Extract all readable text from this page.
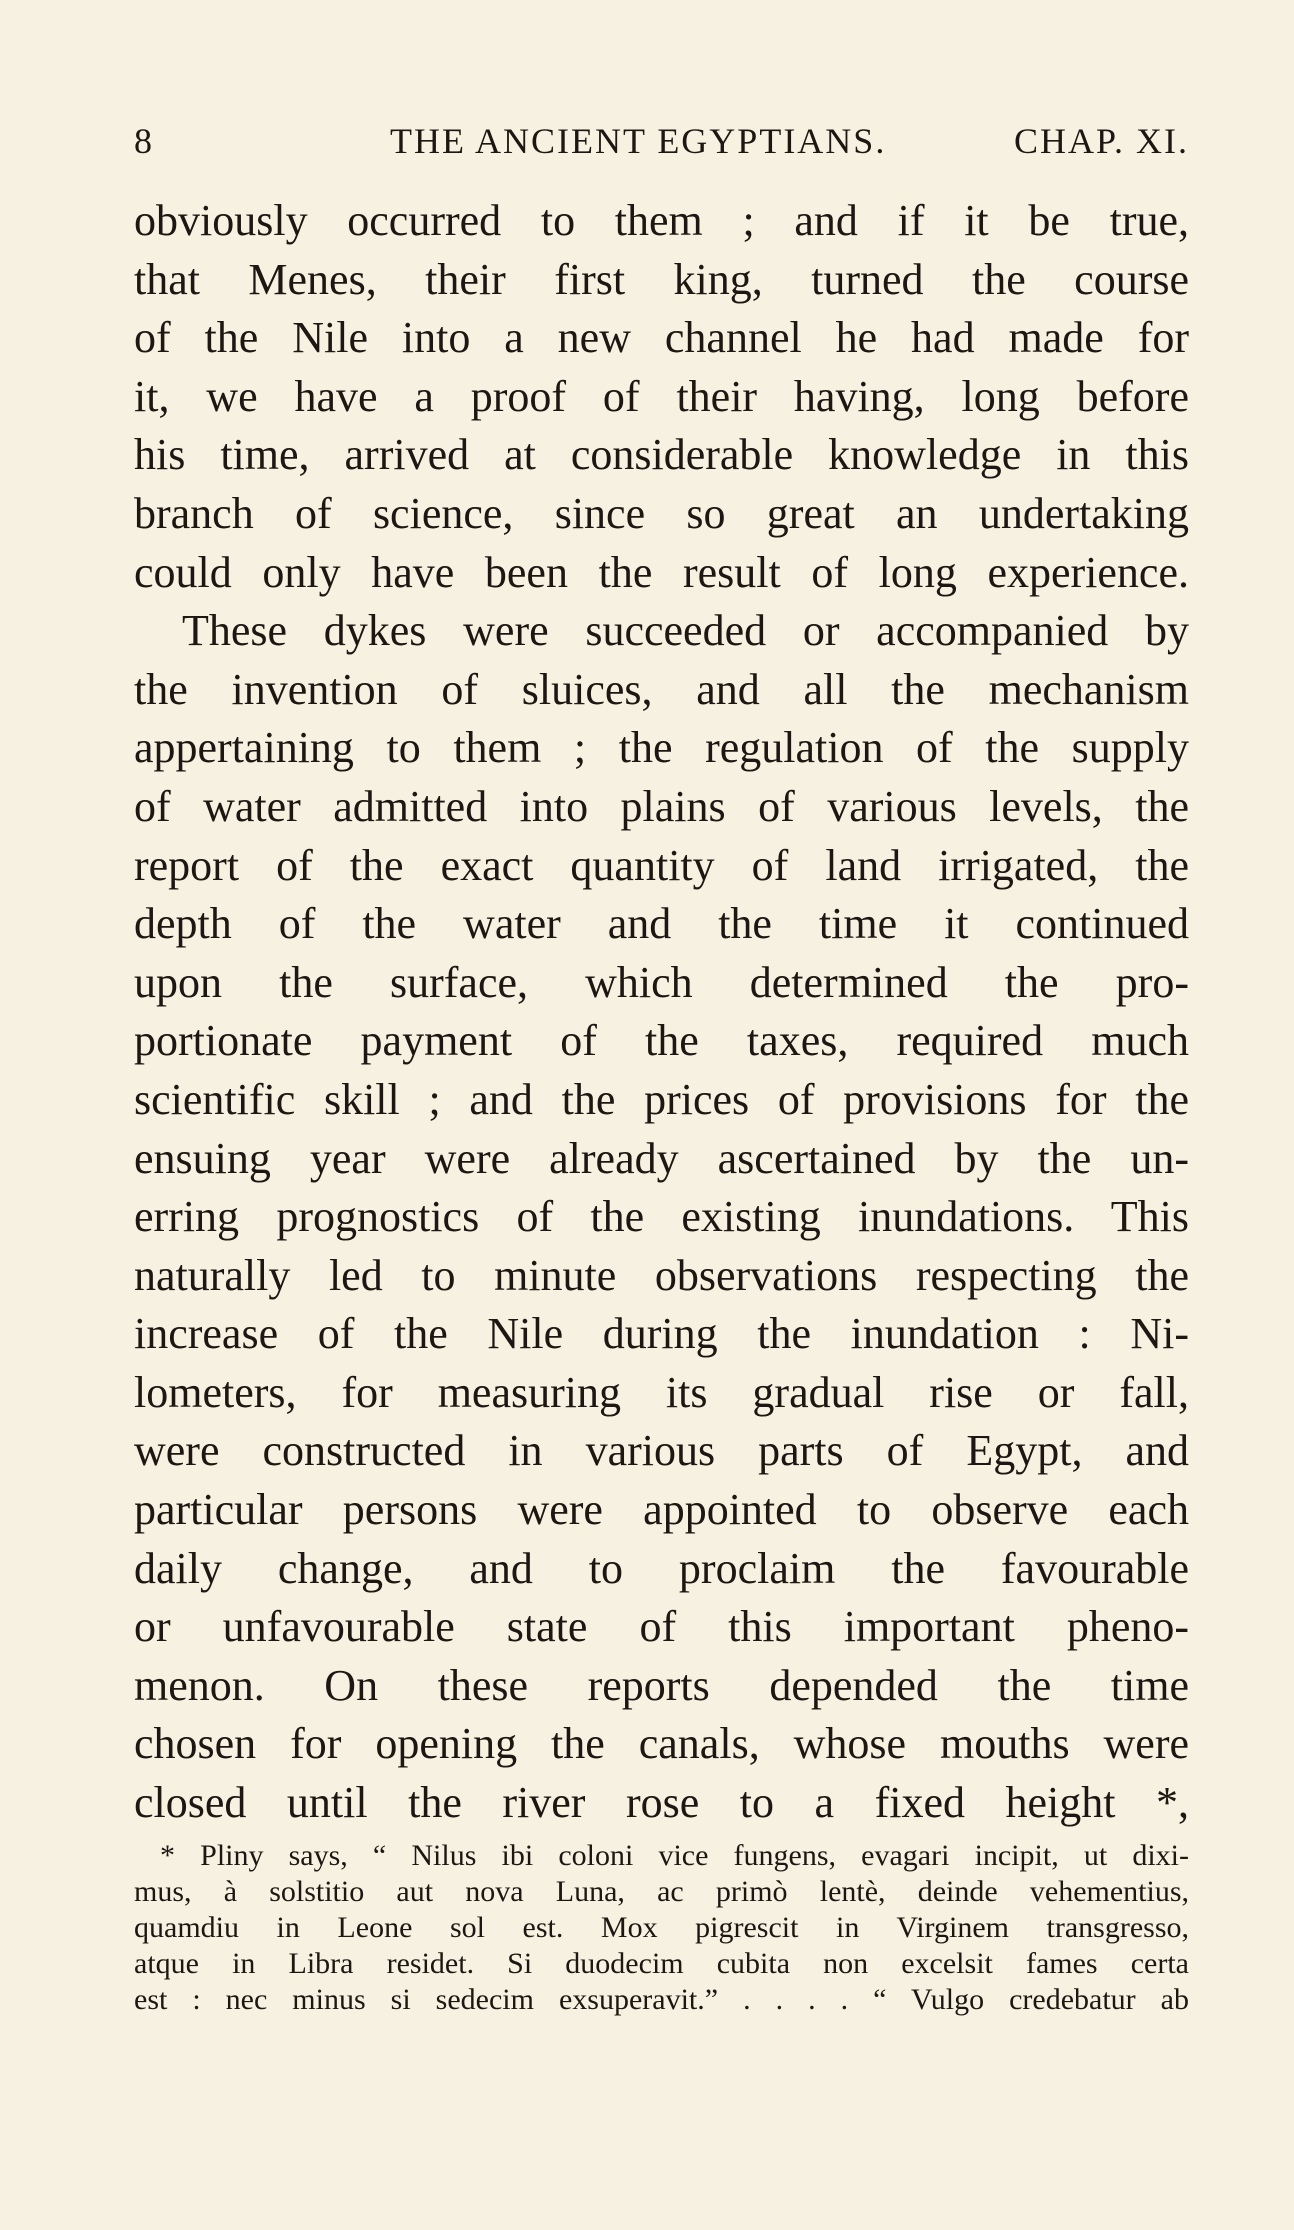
8	THE ANCIENT EGYPTIANS.	CHAP. XI.
obviously occurred to them ; and if it be true,
that Menes, their first king, turned the course
of the Nile into a new channel he had made for
it, we have a proof of their having, long before
his time, arrived at considerable knowledge in this
branch of science, since so great an undertaking
could only have been the result of long experience.
These dykes were succeeded or accompanied by
the invention of sluices, and all the mechanism
appertaining to them ; the regulation of the supply
of water admitted into plains of various levels, the
report of the exact quantity of land irrigated, the
depth of the water and the time it continued
upon the surface, which determined the pro-
portionate payment of the taxes, required much
scientific skill ; and the prices of provisions for the
ensuing year were already ascertained by the un-
erring prognostics of the existing inundations. This
naturally led to minute observations respecting the
increase of the Nile during the inundation : Ni-
lometers, for measuring its gradual rise or fall,
were constructed in various parts of Egypt, and
particular persons were appointed to observe each
daily change, and to proclaim the favourable
or unfavourable state of this important pheno-
menon. On these reports depended the time
chosen for opening the canals, whose mouths were
closed until the river rose to a fixed height *,
* Pliny says, “ Nilus ibi coloni vice fungens, evagari incipit, ut dixi-
mus, à solstitio aut nova Luna, ac primò lentè, deinde vehementius,
quamdiu in Leone sol est. Mox pigrescit in Virginem transgresso,
atque in Libra residet. Si duodecim cubita non excelsit fames certa
est : nec minus si sedecim exsuperavit.” . . . . “ Vulgo credebatur ab
